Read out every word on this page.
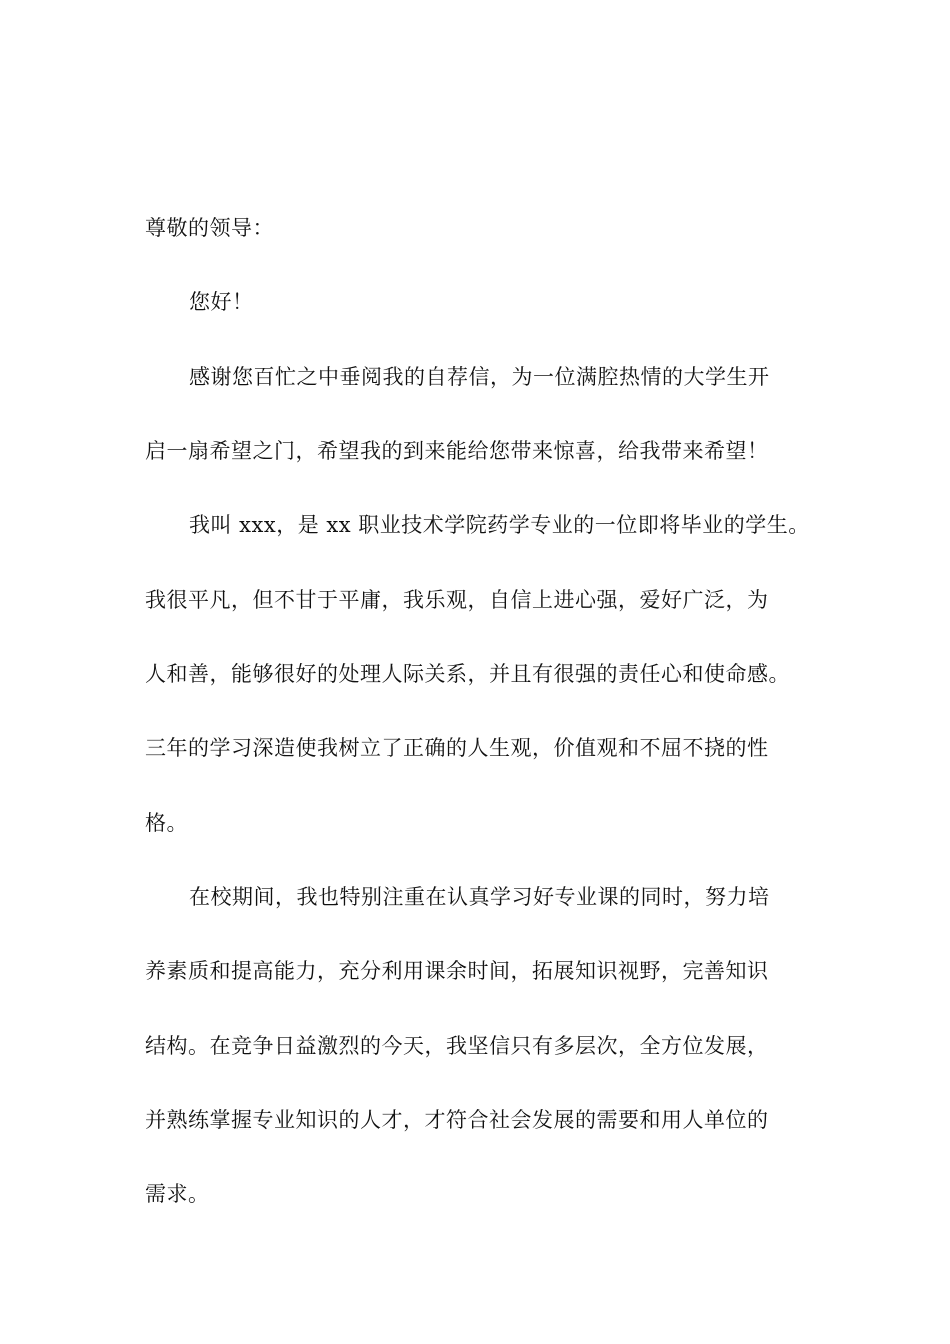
尊敬的领导：
您好！
感谢您百忙之中垂阅我的自荐信，为一位满腔热情的大学生开
启一扇希望之门，希望我的到来能给您带来惊喜，给我带来希望！
我叫 xxx，是 xx 职业技术学院药学专业的一位即将毕业的学生。
我很平凡，但不甘于平庸，我乐观，自信上进心强，爱好广泛，为
人和善，能够很好的处理人际关系，并且有很强的责任心和使命感。
三年的学习深造使我树立了正确的人生观，价值观和不屈不挠的性
格。
在校期间，我也特别注重在认真学习好专业课的同时，努力培
养素质和提高能力，充分利用课余时间，拓展知识视野，完善知识
结构。在竞争日益激烈的今天，我坚信只有多层次，全方位发展，
并熟练掌握专业知识的人才，才符合社会发展的需要和用人单位的
需求。
